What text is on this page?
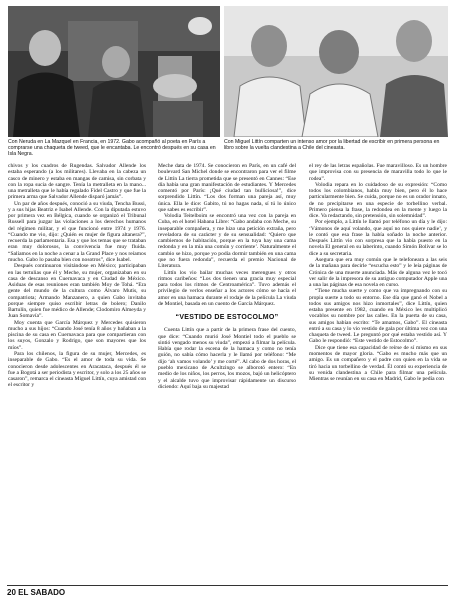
Con Neruda en La Mazquel en Francia, en 1972. Gabo acompañó al poeta en París a comprarse una chaqueta de tweed, que le encantaba. Le encontró después en su casa en Isla Negra.
Con Miguel Littín comparten un intenso amor por la libertad de escribir en primera persona en libro sobre la vuelta clandestina a Chile del cineasta.

chivos y los cuadros de Rugendas. Salvador Allende los estaba esperando (a los militares). Llevaba en la cabeza un casco de minero y estaba en mangas de camisa, sin corbata y con la ropa sucia de sangre. Tenía la metralleta en la mano... una metralleta que le había regalado Fidel Castro y que fue la primera arma que Salvador Allende disparó jamás”.

Un par de años después, conoció a su viuda, Tencha Bussi, y a sus hijas Beatriz e Isabel Allende. Con la diputada estuvo por primera vez en Bélgica, cuando se organizó el Tribunal Russell para juzgar las violaciones a los derechos humanos del régimen militar, y el que funcionó entre 1974 y 1976. “Cuando me vio, dijo: ¿Quién es mujer de figura altanera?”, recuerda la parlamentaria. Esa y que los temas que se trataban eran muy dolorosos, la convivencia fue muy fluida. “Salíamos en la noche a cenar a la Grand Place y nos reíamos mucho. Gabo lo pasaba bien con nosotros”, dice Isabel.

Después continuaron visitándose en México; participaban en las tertulias que él y Meche, su mujer, organizaban en su casa de descanso en Cuernavaca y en Ciudad de México. Asiduas de esas reuniones eran también Moy de Tohá. “Era gente del mundo de la cultura como Álvaro Mutis, su compatriota; Armando Manzanero, a quien Gabo invitaba porque siempre quiso escribir letras de bolero; Danilo Bartulín, quien fue médico de Allende; Clodomiro Almeyda y Juan Somavía”.

Moy cuenta que García Márquez y Mercedes quisieron mucho a sus hijos: “Cuando José tenía 8 años y bañaban a la piscina de su casa en Cuernavaca para que compartieran con los suyos, Gonzalo y Rodrigo, que son mayores que los míos”.

Para los chilenos, la figura de su mujer, Mercedes, es inseparable de Gabo. “Es el amor de toda su vida. Se conocieron desde adolescentes en Aracataca, después él se fue a Bogotá a ser periodista y escritor, y solo a los 25 años se casaron”, remarca el cineasta Miguel Littín, cuya amistad con el escritor y

Meche data de 1974. Se conocieron en París, en un café del boulevard San Michel donde se encontraron para ver el filme de Littín La tierra prometida que se presentó en Cannes: “Ese día había una gran manifestación de estudiantes. Y Mercedes comentó por París: ¡Qué ciudad tan bulliciosa!”, dice sorprendido Littín. “Los dos forman una pareja así, muy única. Ella le dice: Gabito, tú no hagas nada, sí tú lo único que sabes es escribir”.

Volodia Teitelboim se encontró una vez con la pareja en Cuba, en el hotel Habana Libre: “Gabo andaba con Meche, su inseparable compañera, y me hizo una petición extraña, pero reveladora de su carácter y de su sensualidad: ‘Quiero que cambiemos de habitación, porque en la tuya hay una cama redonda y en la mía una común y corriente’. Naturalmente el cambio se hizo, porque yo podía dormir también en una cama que no fuera redonda”, recuerda el premio Nacional de Literatura.

Littín los vio bailar muchas veces merengues y otros ritmos caribeños: “Los dos tienen una gracia muy especial para todos los ritmos de Centroamérica”. Tuvo además el privilegio de verlos enseñar a los actores cómo se hacía el amor en una hamaca durante el rodaje de la película La viuda de Montiel, basada en un cuento de García Márquez.

“VESTIDO DE ESTOCOLMO”

Cuenta Littín que a partir de la primera frase del cuento, que dice: “Cuando murió José Montiel todo el pueblo se sintió vengado menos su viuda”, empezó a filmar la película. Había que rodar la escena de la hamaca y como no tenía guión, no sabía cómo hacerla y le llamó por teléfono: “Me dijo ‘ah vamos volando’ y me corté”. Al cabo de dos horas, el pueblo mexicano de Acultzingo se alborotó entero: “En medio de los niños, los perros, los mozos, bajó un helicóptero y el alcalde tuvo que improvisar rápidamente un discurso diciendo: Aquí baja su majestad

el rey de las letras españolas. Fue maravilloso. Es un hombre que improvisa con su presencia de maravilla todo lo que le rodea”.

Volodia repara en lo cuidadoso de su expresión: “Como todos los colombianos, habla muy bien, pero él lo hace particularmente bien. Se cuida, porque no es un orador innato, de no precipitarse en una especie de torbellino verbal. Primero piensa la frase, la redondea en la mente y luego la dice. Va redactando, sin pretensión, sin solemnidad”.

Por ejemplo, a Littín le llamó por teléfono un día y le dijo: ‘Vámonos de aquí volando, que aquí no nos quiere nadie’, y le contó que esa frase la había soñado la noche anterior. Después Littín vio con sorpresa que la había puesto en la novela El general en su laberinto, cuando Simón Bolívar se lo dice a su secretaria.

Asegura que era muy común que le telefoneara a las seis de la mañana para decirle “escucha esto” y le leía páginas de Crónica de una muerte anunciada. Más de alguna vez le tocó ver salir de la impresora de su antiguo computador Apple una a una las páginas de esa novela en curso.

“Tiene mucha suerte y como que va impregnando con su propia suerte a todo su entorno. Ese día que ganó el Nobel a todos sus amigos nos hizo inmortales”, dice Littín, quien estaba presente en 1982, cuando en México les multiplicó vocablos su nombre por las calles. En la puerta de su casa, sus amigos habían escrito: “Te amamos, Gabo”. El cineasta entró a su casa y lo vio vestido de gala por última vez con una chaqueta de tweed. Le preguntó por qué estaba vestido así. Y Gabo le respondió: “Este vestido de Estocolmo”.

Dice que tiene esa capacidad de reírse de sí mismo en sus momentos de mayor gloria. “Gabo es mucho más que un amigo. Es un compañero y el padre con quien en la vida se tiró hacia un torbellino de verdad. Él contó su experiencia de su venida clandestina a Chile para filmar una película. Mientras se reunían en su casa en Madrid, Gabo le pedía con

20 EL SABADO
